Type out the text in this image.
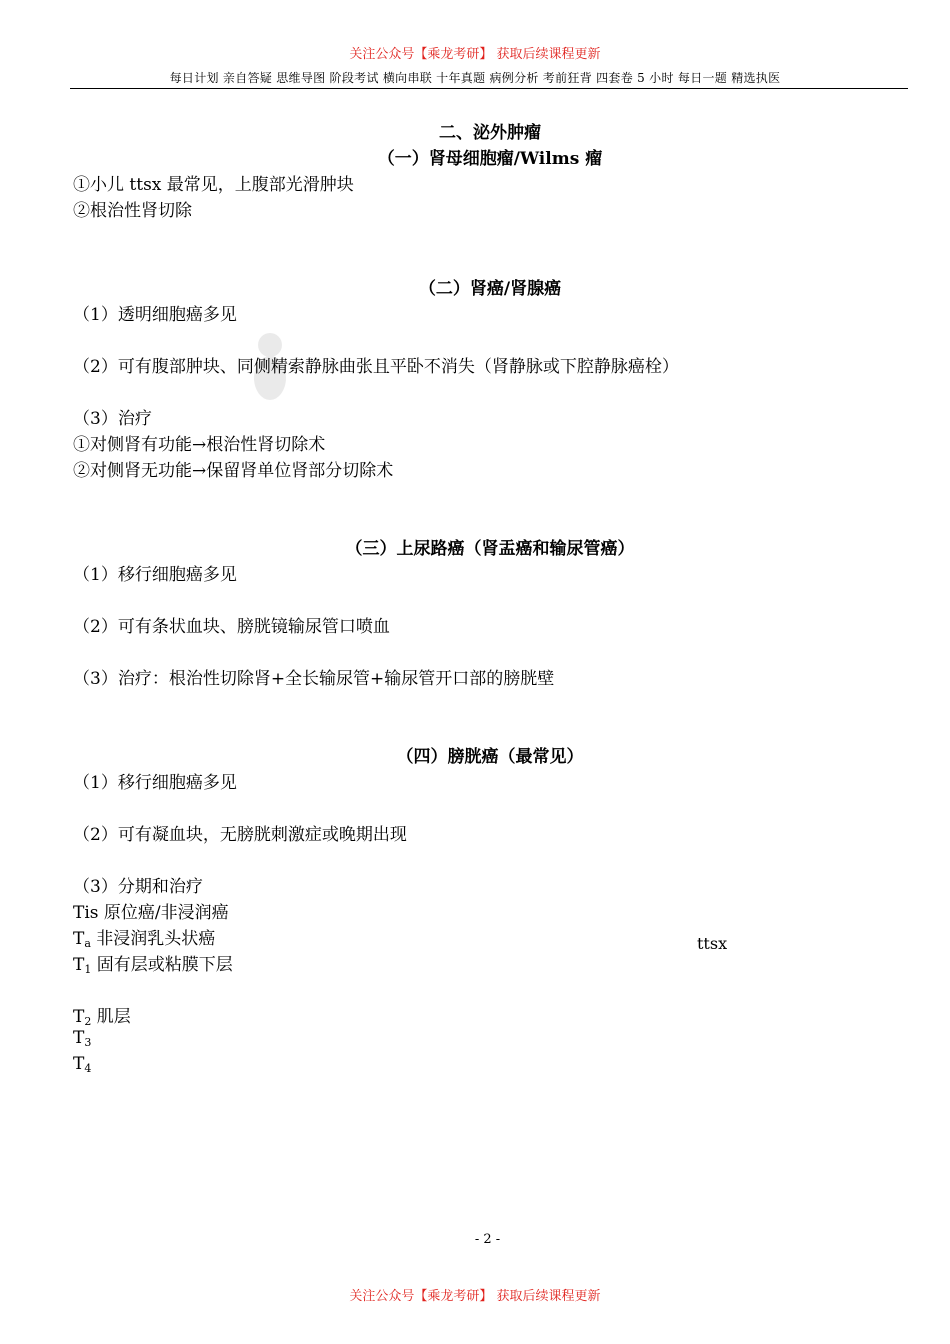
关注公众号【乘龙考研】 获取后续课程更新
每日计划 亲自答疑 思维导图 阶段考试 横向串联 十年真题 病例分析 考前狂背 四套卷 5 小时 每日一题 精选执医
二、泌外肿瘤
（一）肾母细胞瘤/Wilms 瘤
①小儿 ttsx 最常见，上腹部光滑肿块
②根治性肾切除
（二）肾癌/肾腺癌
（1）透明细胞癌多见
（2）可有腹部肿块、同侧精索静脉曲张且平卧不消失（肾静脉或下腔静脉癌栓）
（3）治疗
①对侧肾有功能→根治性肾切除术
②对侧肾无功能→保留肾单位肾部分切除术
（三）上尿路癌（肾盂癌和输尿管癌）
（1）移行细胞癌多见
（2）可有条状血块、膀胱镜输尿管口喷血
（3）治疗：根治性切除肾+全长输尿管+输尿管开口部的膀胱壁
（四）膀胱癌（最常见）
（1）移行细胞癌多见
（2）可有凝血块，无膀胱刺激症或晚期出现
（3）分期和治疗
Tis 原位癌/非浸润癌
$T_a$ 非浸润乳头状癌
$T_1$ 固有层或粘膜下层
$T_2$ 肌层
$T_3$
$T_4$
ttsx
- 2 -
关注公众号【乘龙考研】 获取后续课程更新
